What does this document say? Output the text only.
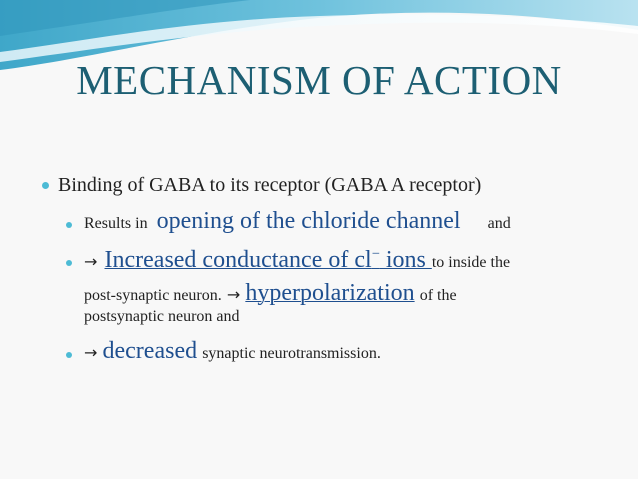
MECHANISM OF ACTION
Binding of GABA to its receptor (GABA A receptor)
Results in opening of the chloride channel and
→ Increased conductance of cl− ions to inside the
post-synaptic neuron. → hyperpolarization of the
postsynaptic neuron and
→ decreased synaptic neurotransmission.
